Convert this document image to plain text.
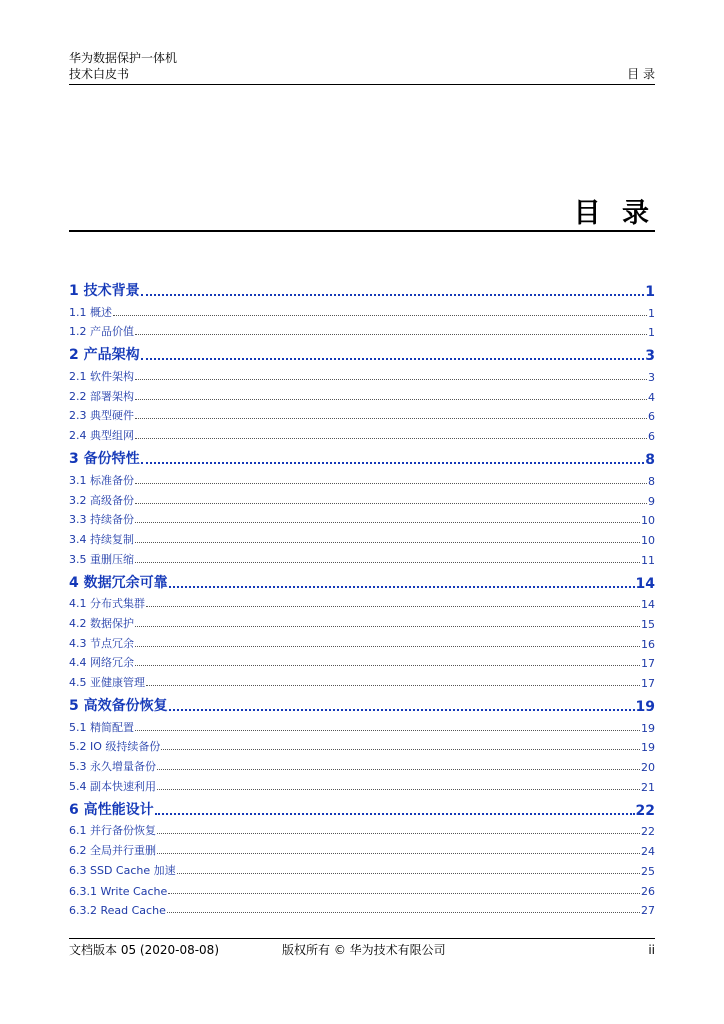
华为数据保护一体机
技术白皮书	目 录
目 录
1 技术背景	1
1.1 概述	1
1.2 产品价值	1
2 产品架构	3
2.1 软件架构	3
2.2 部署架构	4
2.3 典型硬件	6
2.4 典型组网	6
3 备份特性	8
3.1 标准备份	8
3.2 高级备份	9
3.3 持续备份	10
3.4 持续复制	10
3.5 重删压缩	11
4 数据冗余可靠	14
4.1 分布式集群	14
4.2 数据保护	15
4.3 节点冗余	16
4.4 网络冗余	17
4.5 亚健康管理	17
5 高效备份恢复	19
5.1 精简配置	19
5.2 IO 级持续备份	19
5.3 永久增量备份	20
5.4 副本快速利用	21
6 高性能设计	22
6.1 并行备份恢复	22
6.2 全局并行重删	24
6.3 SSD Cache 加速	25
6.3.1 Write Cache	26
6.3.2 Read Cache	27
文档版本 05 (2020-08-08)	版权所有 © 华为技术有限公司	ii
